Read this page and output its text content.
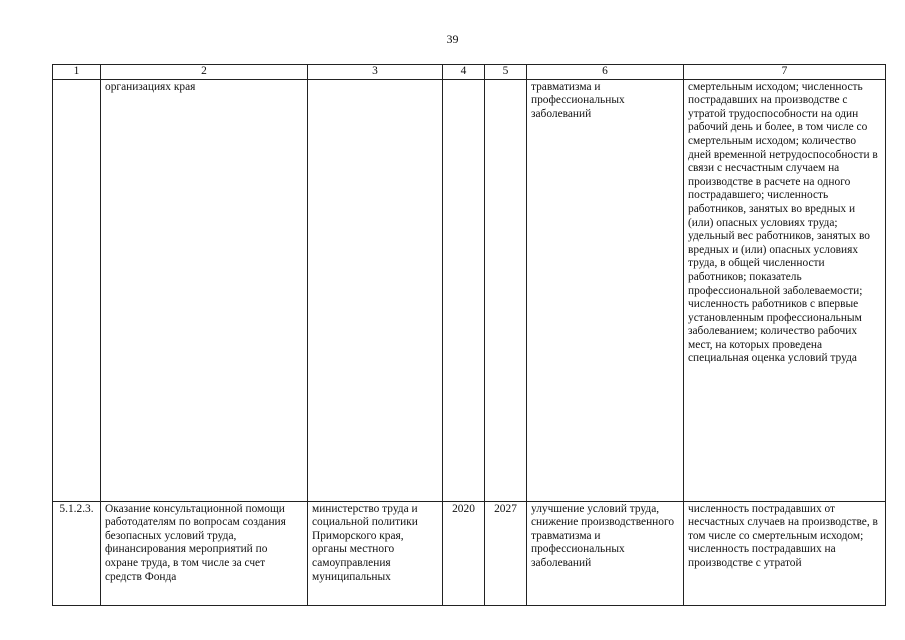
39
1	2	3	4	5	6	7
	организациях края				травматизма и профессиональных заболеваний	смертельным исходом; численность пострадавших на производстве с утратой трудоспособности на один рабочий день и более, в том числе со смертельным исходом; количество дней временной нетрудоспособности в связи с несчастным случаем на производстве в расчете на одного пострадавшего; численность работников, занятых во вредных и (или) опасных условиях труда; удельный вес работников, занятых во вредных и (или) опасных условиях труда, в общей численности работников; показатель профессиональной заболеваемости; численность работников с впервые установленным профессиональным заболеванием; количество рабочих мест, на которых проведена специальная оценка условий труда
5.1.2.3.	Оказание консультационной помощи работодателям по вопросам создания безопасных условий труда, финансирования мероприятий по охране труда, в том числе за счет средств Фонда	министерство труда и социальной политики Приморского края, органы местного самоуправления муниципальных	2020	2027	улучшение условий труда, снижение производственного травматизма и профессиональных заболеваний	численность пострадавших от несчастных случаев на производстве, в том числе со смертельным исходом; численность пострадавших на производстве с утратой
